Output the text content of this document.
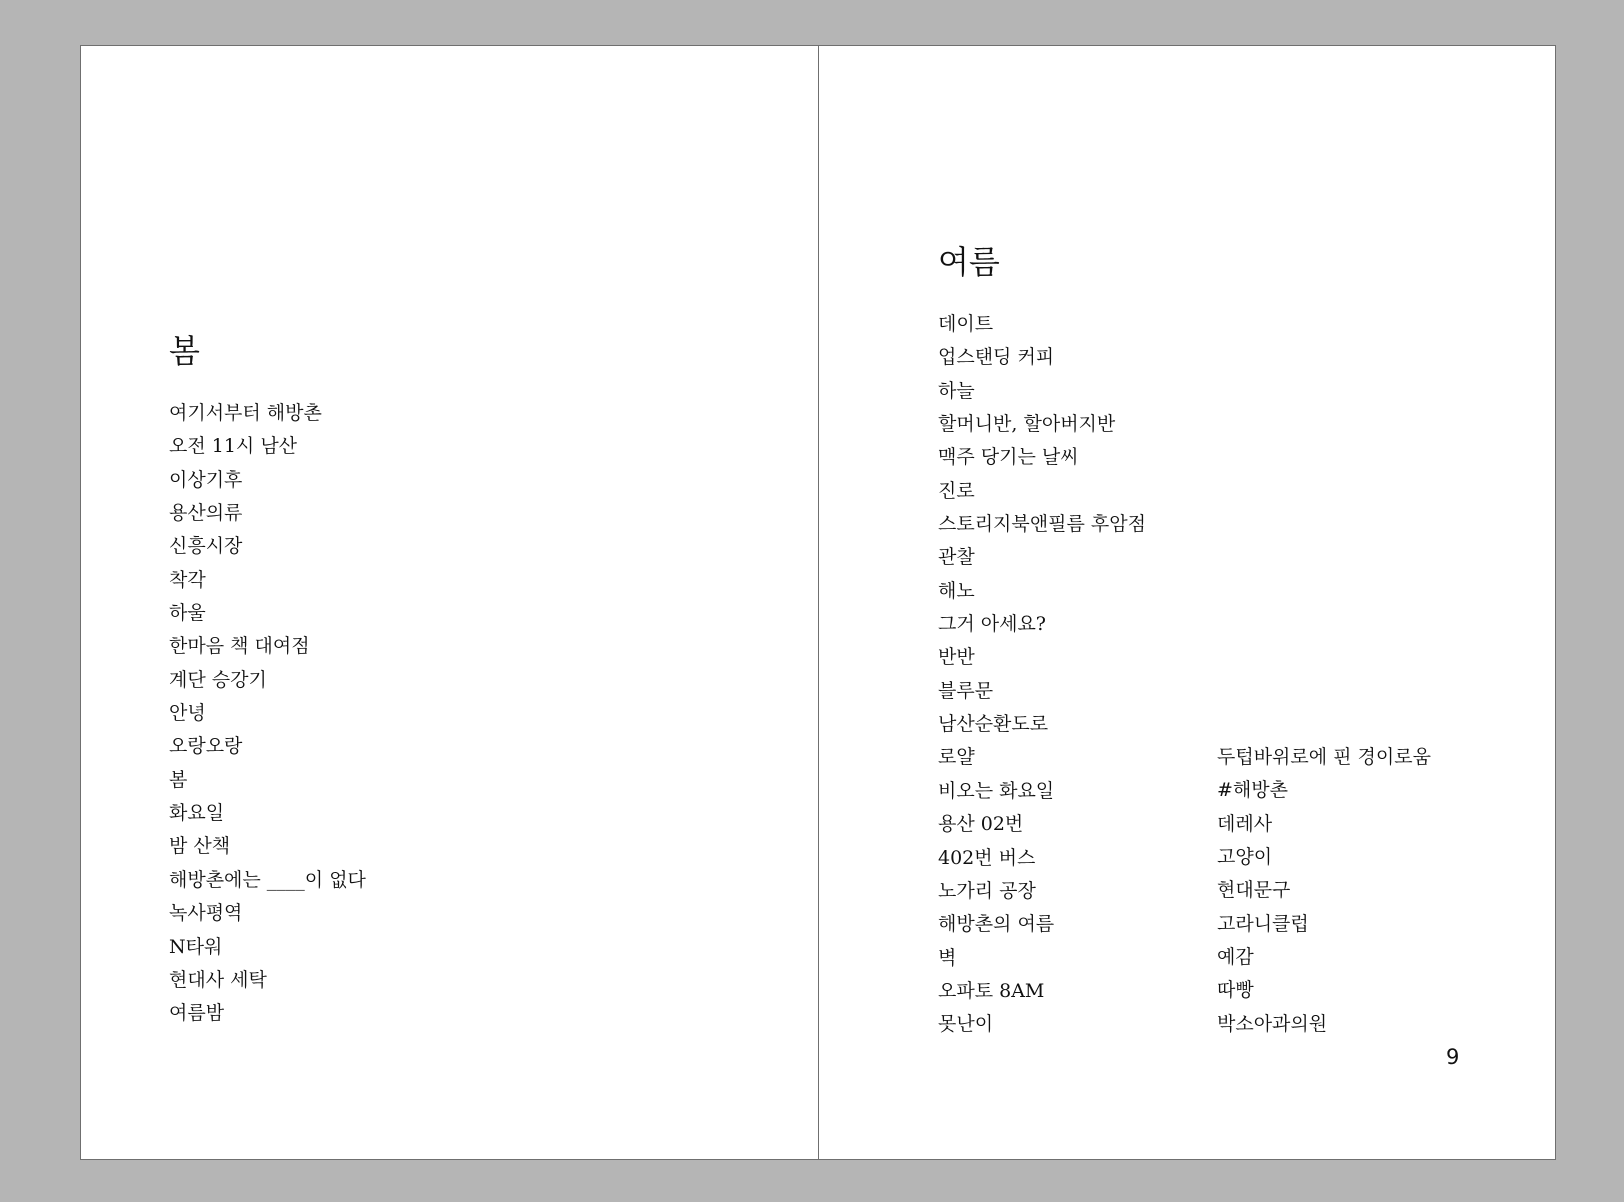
봄
여기서부터 해방촌
오전 11시 남산
이상기후
용산의류
신흥시장
착각
하울
한마음 책 대여점
계단 승강기
안녕
오랑오랑
봄
화요일
밤 산책
해방촌에는 ____이 없다
녹사평역
N타워
현대사 세탁
여름밤
여름
데이트
업스탠딩 커피
하늘
할머니반, 할아버지반
맥주 당기는 날씨
진로
스토리지북앤필름 후암점
관찰
해노
그거 아세요?
반반
블루문
남산순환도로
로얄
비오는 화요일
용산 02번
402번 버스
노가리 공장
해방촌의 여름
벽
오파토 8AM
못난이
두텁바위로에 핀 경이로움
#해방촌
데레사
고양이
현대문구
고라니클럽
예감
따빵
박소아과의원
9
